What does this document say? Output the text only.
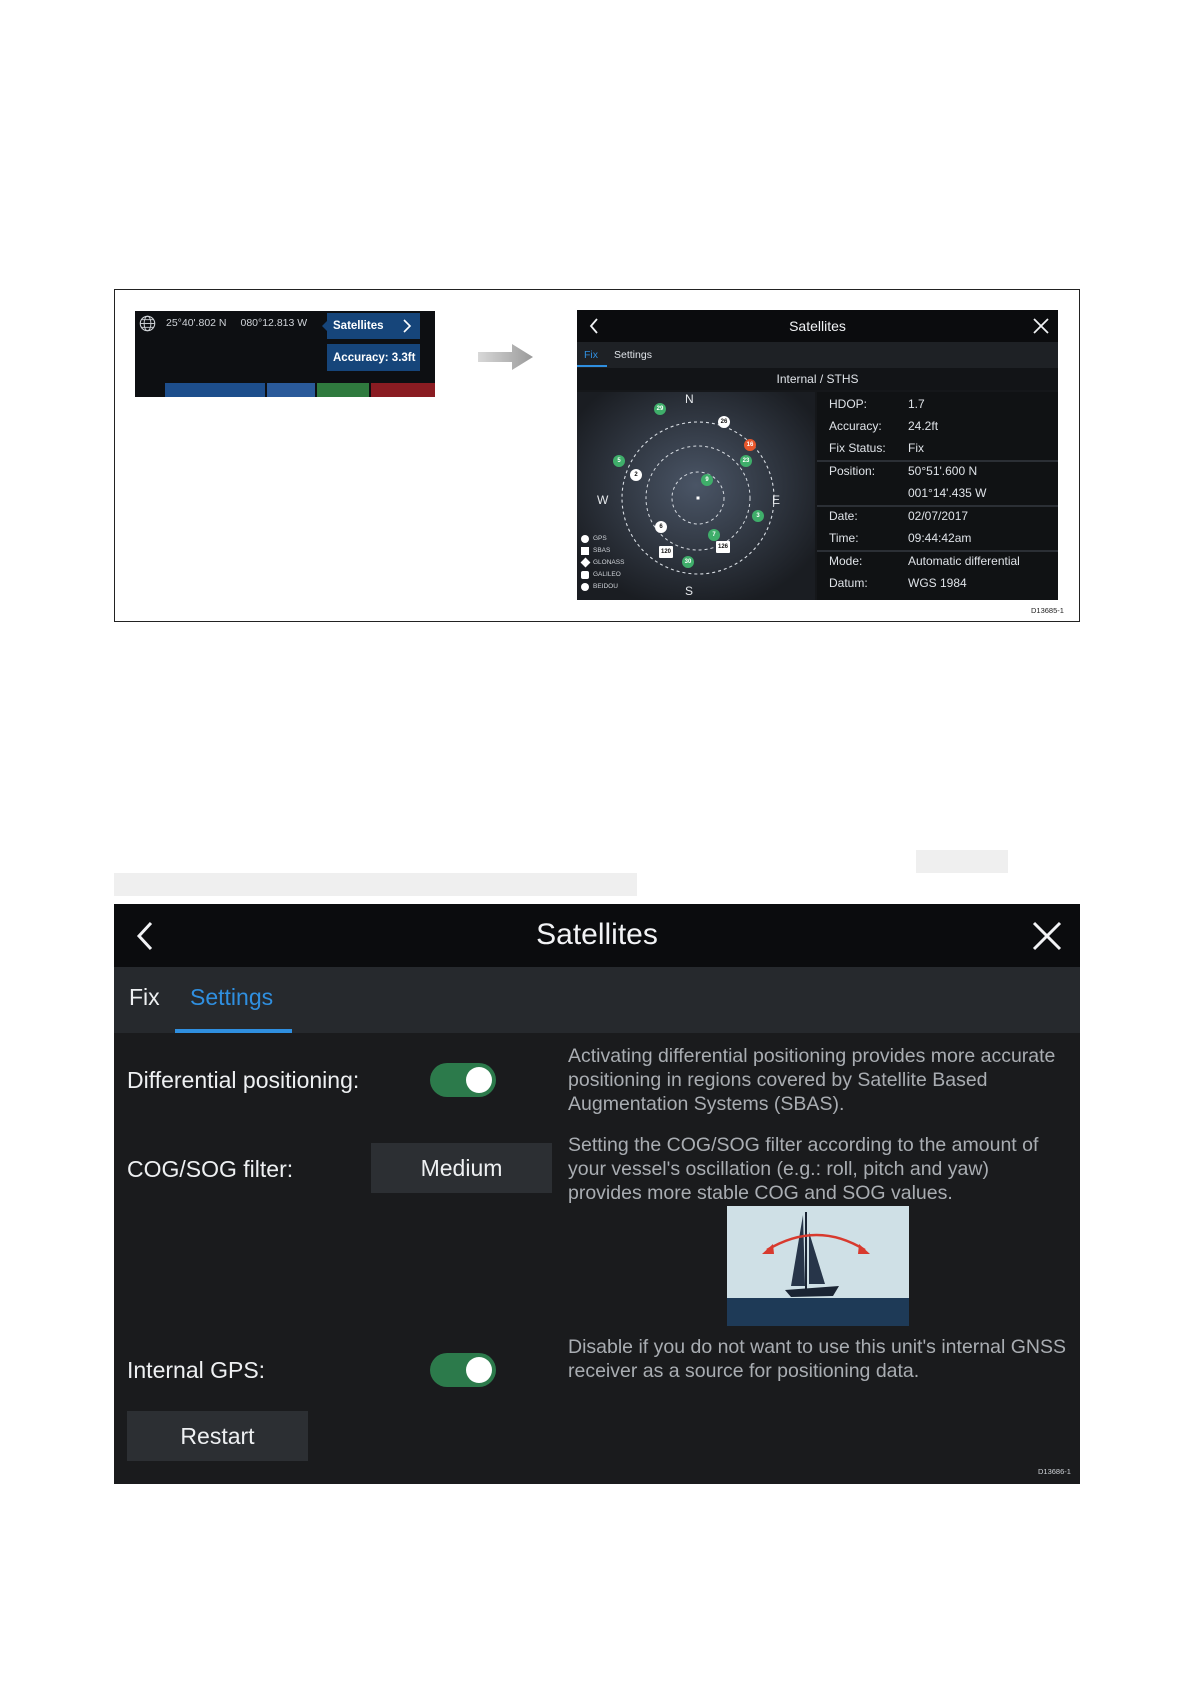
25°40'.802 N 080°12.813 W Satellites
Accuracy: 3.3ft
Satellites
Fix Settings
Internal / STHS
N
S
E
W
29
26
16
23
5
2
9
3
6
7
30
120
126
GPS
SBAS
GLONASS
GALILEO
BEIDOU
HDOP:	1.7
Accuracy: 24.2ft
Fix Status: Fix
Position:	50°51'.600 N
001°14'.435 W
Date:	02/07/2017
Time:	09:44:42am
Mode:	Automatic differential
Datum:	WGS 1984
D13685-1
Satellites
Fix Settings
Differential positioning:
Activating differential positioning provides more accurate positioning in regions covered by Satellite Based Augmentation Systems (SBAS).
COG/SOG filter:	Medium
Setting the COG/SOG filter according to the amount of your vessel's oscillation (e.g.: roll, pitch and yaw) provides more stable COG and SOG values.
Internal GPS:
Disable if you do not want to use this unit's internal GNSS receiver as a source for positioning data.
Restart
D13686-1
